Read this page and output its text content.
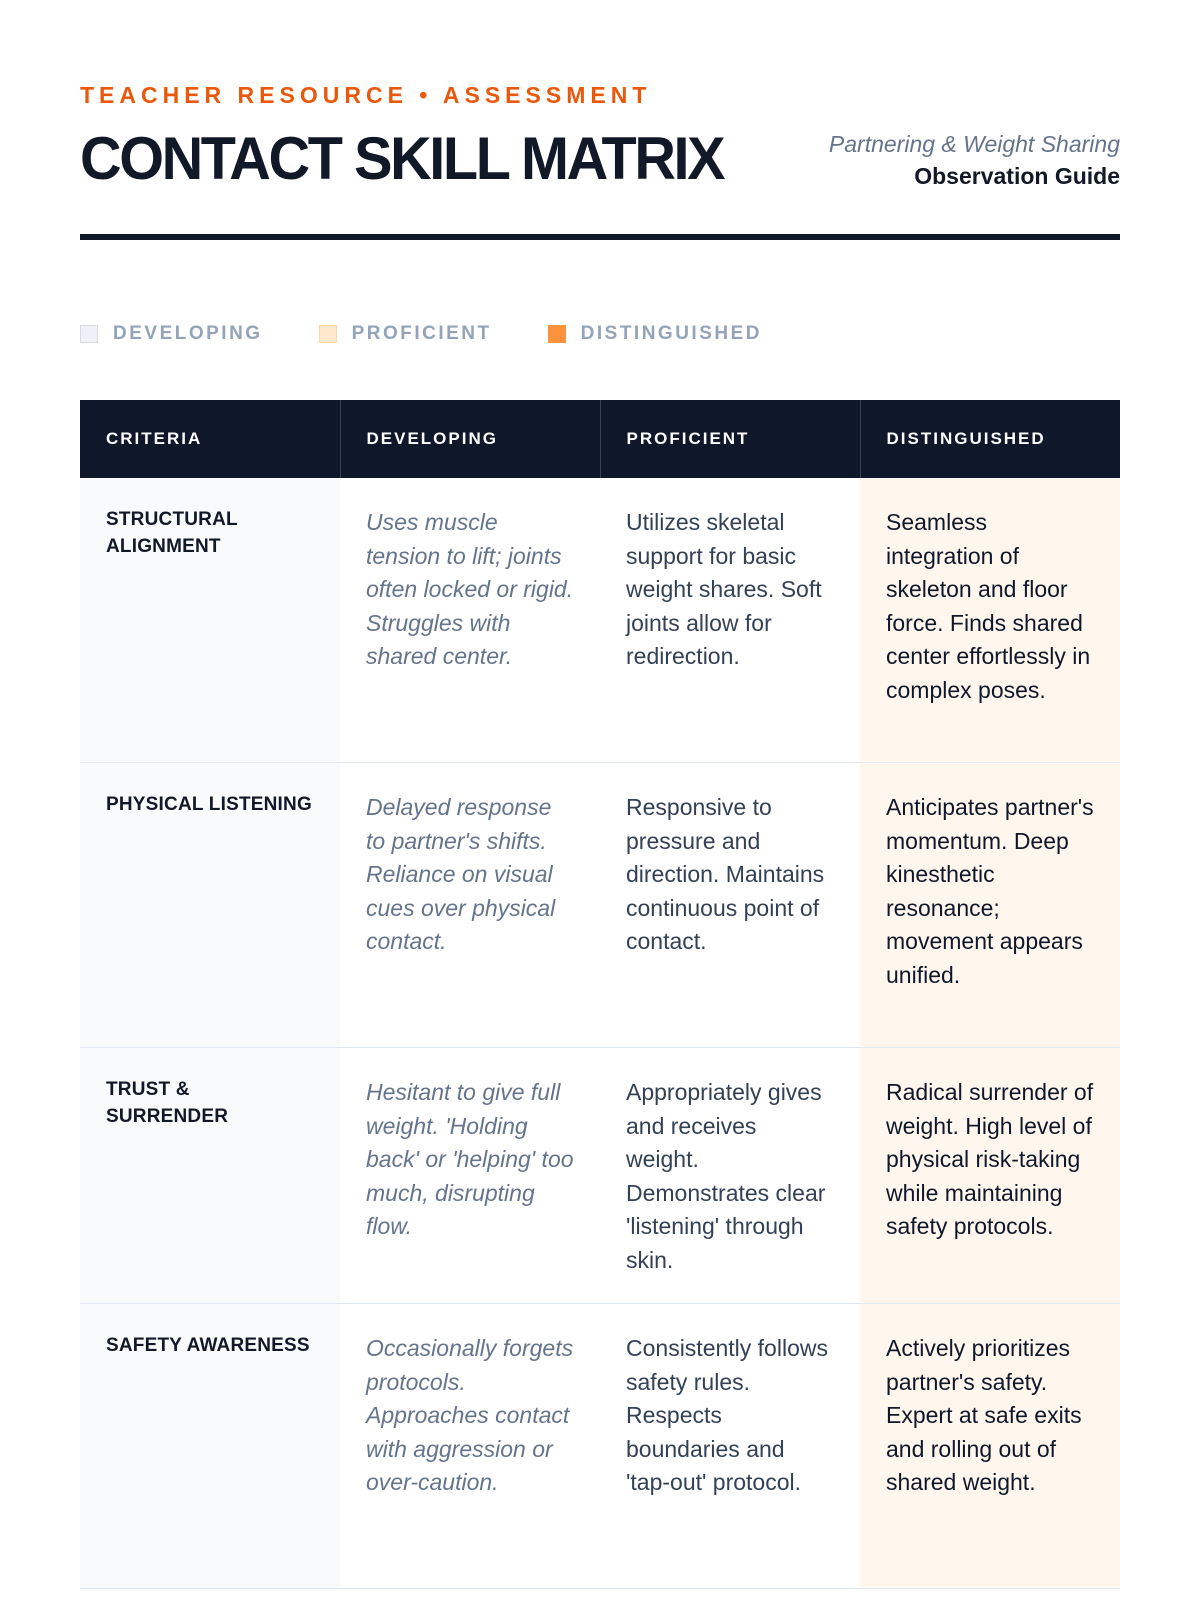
TEACHER RESOURCE • ASSESSMENT
CONTACT SKILL MATRIX	Partnering & Weight Sharing
Observation Guide
DEVELOPING	PROFICIENT	DISTINGUISHED
CRITERIA	DEVELOPING	PROFICIENT	DISTINGUISHED
STRUCTURAL ALIGNMENT	Uses muscle tension to lift; joints often locked or rigid. Struggles with shared center.	Utilizes skeletal support for basic weight shares. Soft joints allow for redirection.	Seamless integration of skeleton and floor force. Finds shared center effortlessly in complex poses.
PHYSICAL LISTENING	Delayed response to partner's shifts. Reliance on visual cues over physical contact.	Responsive to pressure and direction. Maintains continuous point of contact.	Anticipates partner's momentum. Deep kinesthetic resonance; movement appears unified.
TRUST & SURRENDER	Hesitant to give full weight. 'Holding back' or 'helping' too much, disrupting flow.	Appropriately gives and receives weight. Demonstrates clear 'listening' through skin.	Radical surrender of weight. High level of physical risk-taking while maintaining safety protocols.
SAFETY AWARENESS	Occasionally forgets protocols. Approaches contact with aggression or over-caution.	Consistently follows safety rules. Respects boundaries and 'tap-out' protocol.	Actively prioritizes partner's safety. Expert at safe exits and rolling out of shared weight.
